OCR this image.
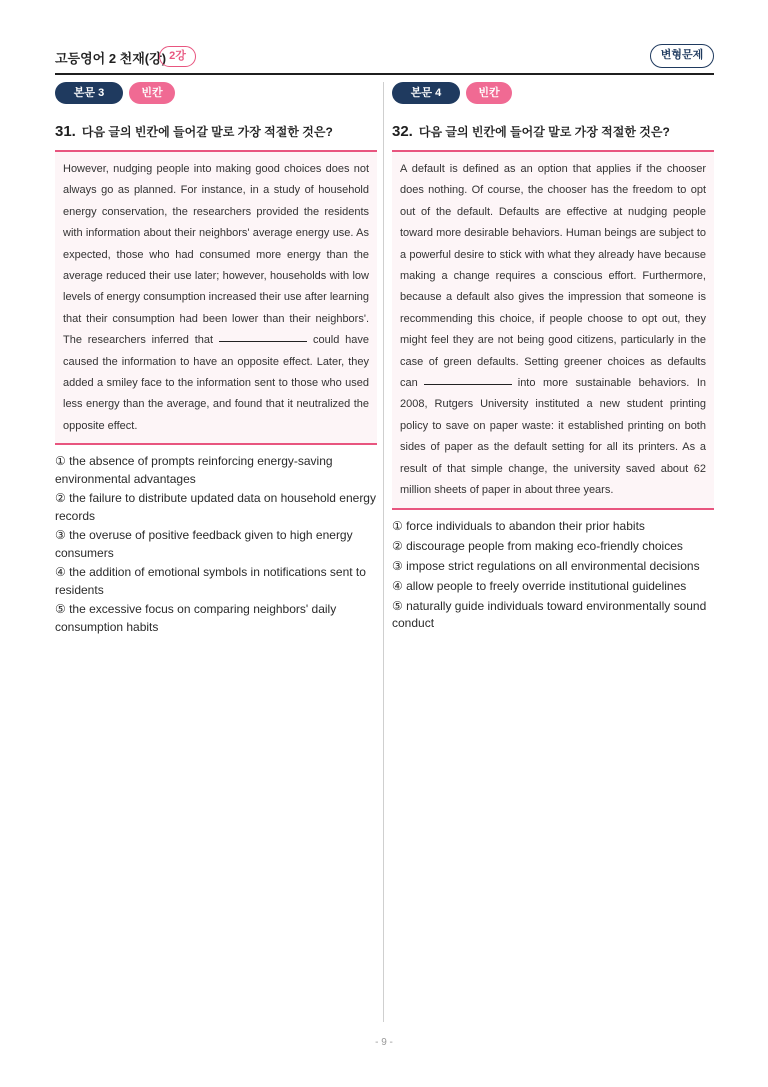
고등영어 2 천재(강) 2강	변형문제
본문 3	빈칸
31. 다음 글의 빈칸에 들어갈 말로 가장 적절한 것은?
However, nudging people into making good choices does not always go as planned. For instance, in a study of household energy conservation, the researchers provided the residents with information about their neighbors' average energy use. As expected, those who had consumed more energy than the average reduced their use later; however, households with low levels of energy consumption increased their use after learning that their consumption had been lower than their neighbors'. The researchers inferred that	could have caused the information to have an opposite effect. Later, they added a smiley face to the information sent to those who used less energy than the average, and found that it neutralized the opposite effect.
① the absence of prompts reinforcing energy-saving environmental advantages
② the failure to distribute updated data on household energy records
③ the overuse of positive feedback given to high energy consumers
④ the addition of emotional symbols in notifications sent to residents
⑤ the excessive focus on comparing neighbors' daily consumption habits
본문 4	빈칸
32. 다음 글의 빈칸에 들어갈 말로 가장 적절한 것은?
A default is defined as an option that applies if the chooser does nothing. Of course, the chooser has the freedom to opt out of the default. Defaults are effective at nudging people toward more desirable behaviors. Human beings are subject to a powerful desire to stick with what they already have because making a change requires a conscious effort. Furthermore, because a default also gives the impression that someone is recommending this choice, if people choose to opt out, they might feel they are not being good citizens, particularly in the case of green defaults. Setting greener choices as defaults can	into more sustainable behaviors. In 2008, Rutgers University instituted a new student printing policy to save on paper waste: it established printing on both sides of paper as the default setting for all its printers. As a result of that simple change, the university saved about 62 million sheets of paper in about three years.
① force individuals to abandon their prior habits
② discourage people from making eco-friendly choices
③ impose strict regulations on all environmental decisions
④ allow people to freely override institutional guidelines
⑤ naturally guide individuals toward environmentally sound conduct
- 9 -
